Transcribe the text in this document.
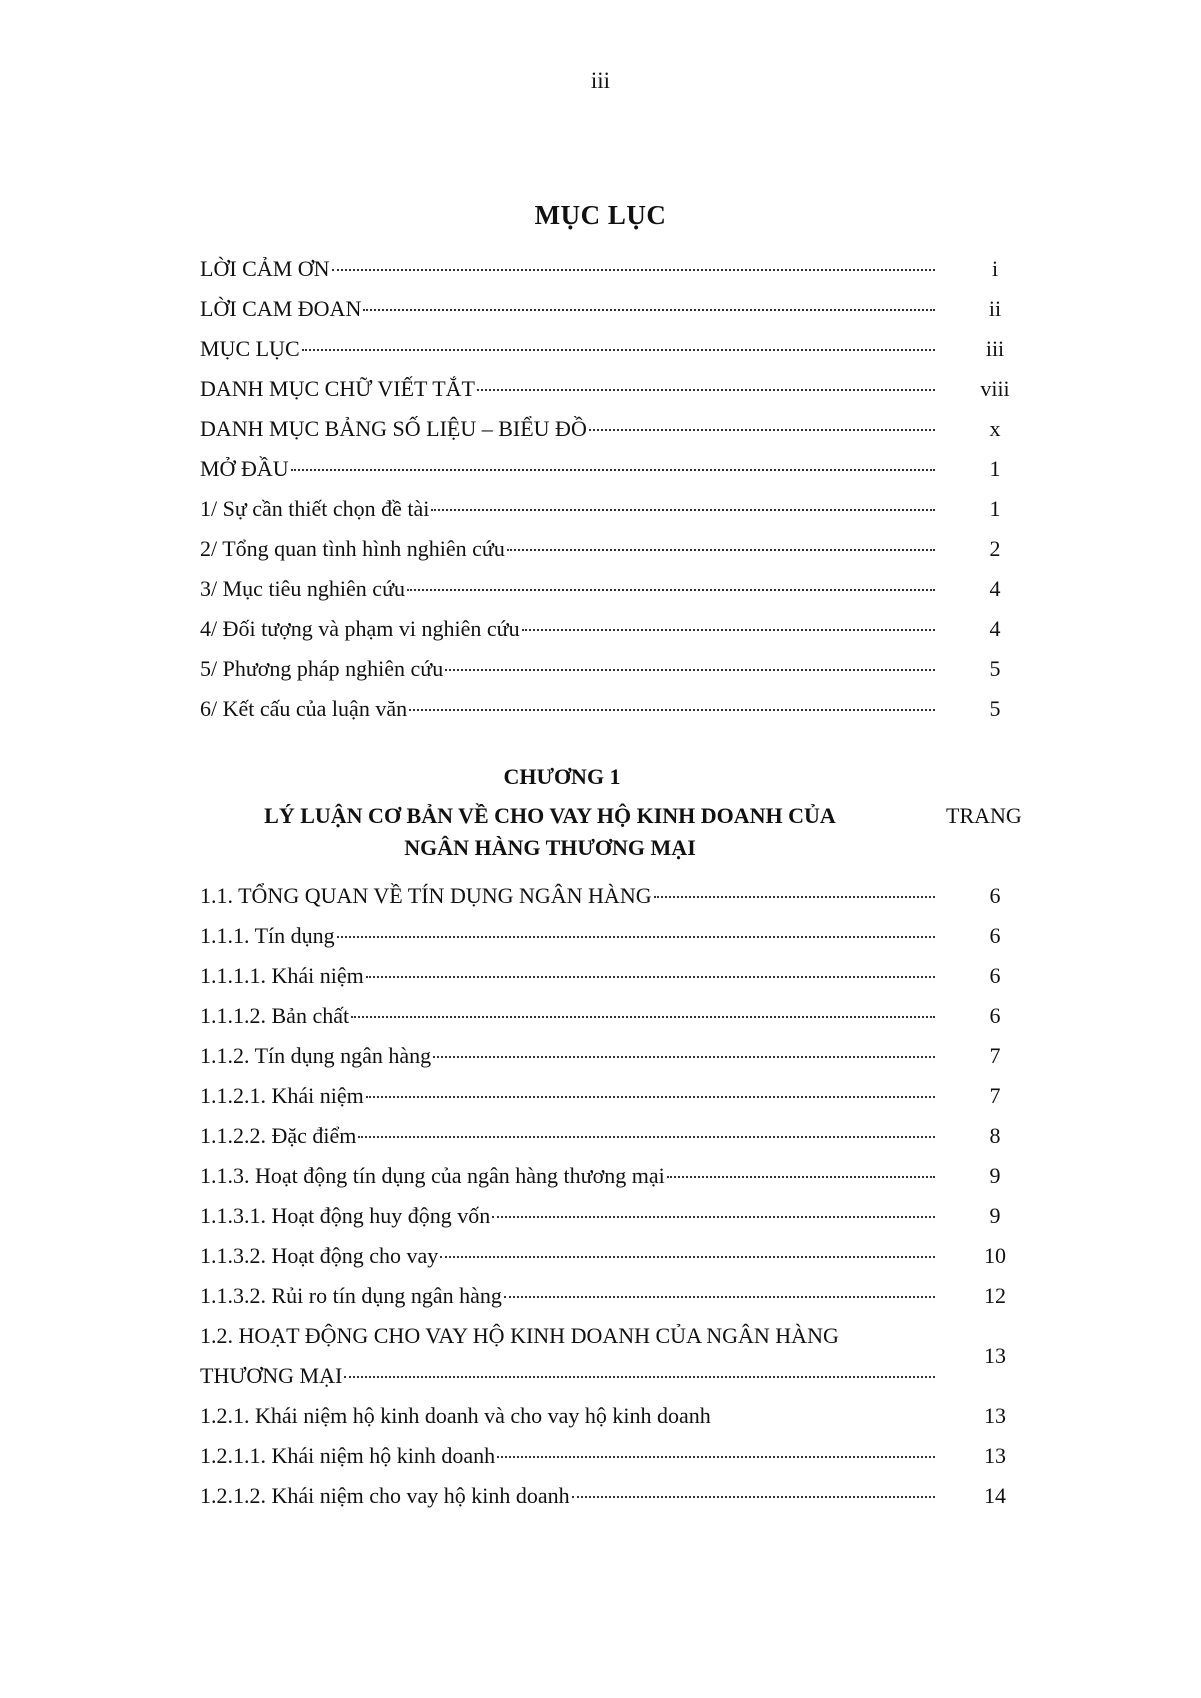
iii
MỤC LỤC
LỜI CẢM ƠN	i
LỜI CAM ĐOAN	ii
MỤC LỤC	iii
DANH MỤC CHỮ VIẾT TẮT	viii
DANH MỤC BẢNG SỐ LIỆU – BIỂU ĐỒ	x
MỞ ĐẦU	1
1/ Sự cần thiết chọn đề tài	1
2/ Tổng quan tình hình nghiên cứu	2
3/ Mục tiêu nghiên cứu	4
4/ Đối tượng và phạm vi nghiên cứu	4
5/ Phương pháp nghiên cứu	5
6/ Kết cấu của luận văn	5
CHƯƠNG 1
LÝ LUẬN CƠ BẢN VỀ CHO VAY HỘ KINH DOANH CỦA
NGÂN HÀNG THƯƠNG MẠI
TRANG
1.1. TỔNG QUAN VỀ TÍN DỤNG NGÂN HÀNG	6
1.1.1. Tín dụng	6
1.1.1.1. Khái niệm	6
1.1.1.2. Bản chất	6
1.1.2. Tín dụng ngân hàng	7
1.1.2.1. Khái niệm	7
1.1.2.2. Đặc điểm	8
1.1.3. Hoạt động tín dụng của ngân hàng thương mại	9
1.1.3.1. Hoạt động huy động vốn	9
1.1.3.2. Hoạt động cho vay	10
1.1.3.2. Rủi ro tín dụng ngân hàng	12
1.2. HOẠT ĐỘNG CHO VAY HỘ KINH DOANH CỦA NGÂN HÀNG
THƯƠNG MẠI
13
1.2.1. Khái niệm hộ kinh doanh và cho vay hộ kinh doanh	13
1.2.1.1. Khái niệm hộ kinh doanh	13
1.2.1.2. Khái niệm cho vay hộ kinh doanh	14
